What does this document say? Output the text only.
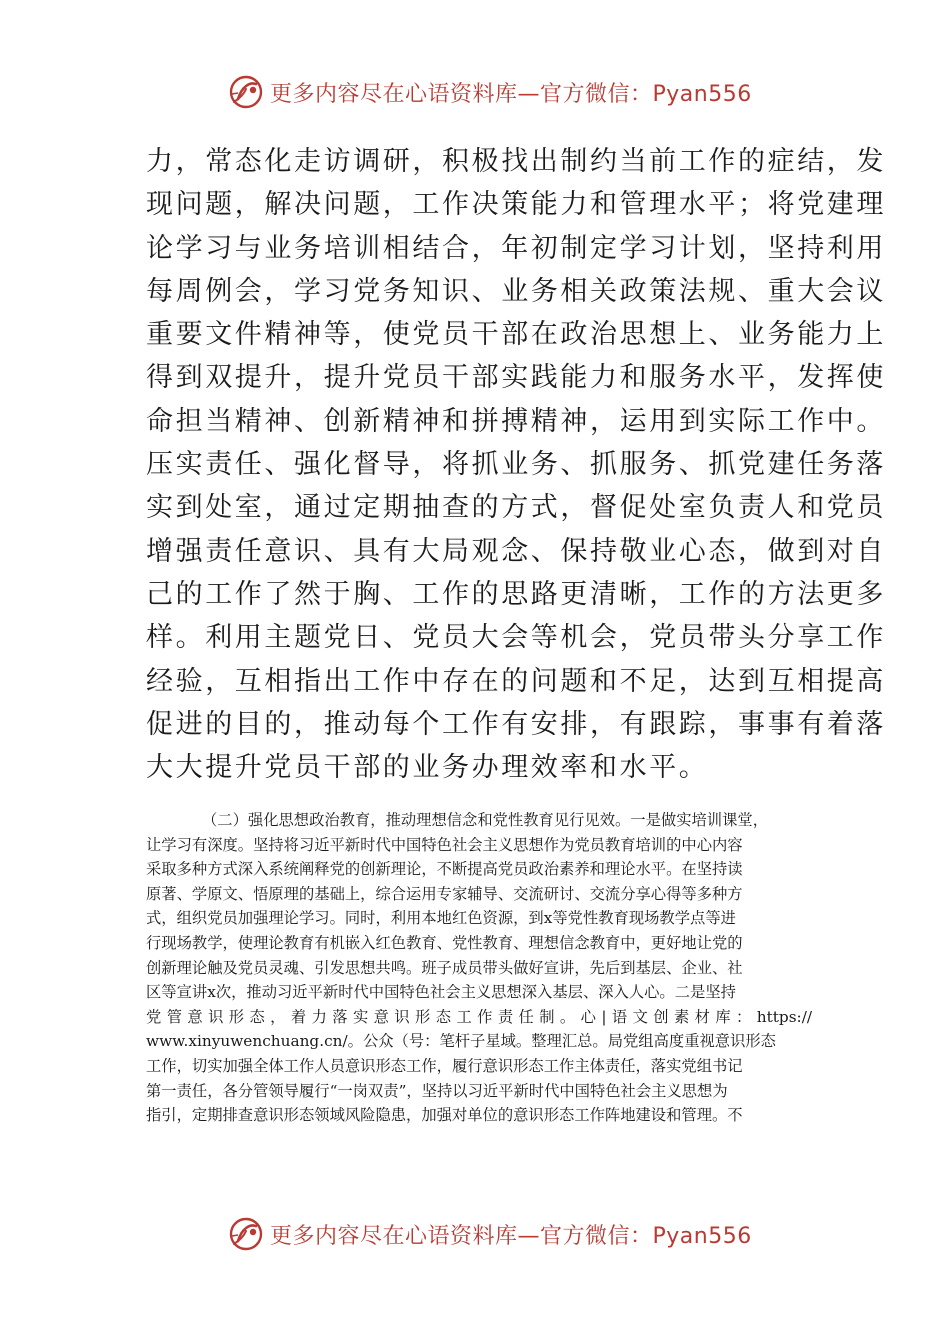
更多内容尽在心语资料库—官方微信：Pyan556

力，常态化走访调研，积极找出制约当前工作的症结，发

现问题，解决问题，工作决策能力和管理水平；将党建理

论学习与业务培训相结合，年初制定学习计划，坚持利用

每周例会，学习党务知识、业务相关政策法规、重大会议

重要文件精神等，使党员干部在政治思想上、业务能力上

得到双提升，提升党员干部实践能力和服务水平，发挥使

命担当精神、创新精神和拼搏精神，运用到实际工作中。

压实责任、强化督导，将抓业务、抓服务、抓党建任务落

实到处室，通过定期抽查的方式，督促处室负责人和党员

增强责任意识、具有大局观念、保持敬业心态，做到对自

己的工作了然于胸、工作的思路更清晰，工作的方法更多

样。利用主题党日、党员大会等机会，党员带头分享工作

经验，互相指出工作中存在的问题和不足，达到互相提高

促进的目的，推动每个工作有安排，有跟踪，事事有着落

大大提升党员干部的业务办理效率和水平。

（二）强化思想政治教育，推动理想信念和党性教育见行见效。一是做实培训课堂，

让学习有深度。坚持将习近平新时代中国特色社会主义思想作为党员教育培训的中心内容

采取多种方式深入系统阐释党的创新理论，不断提高党员政治素养和理论水平。在坚持读

原著、学原文、悟原理的基础上，综合运用专家辅导、交流研讨、交流分享心得等多种方

式，组织党员加强理论学习。同时，利用本地红色资源，到x等党性教育现场教学点等进

行现场教学，使理论教育有机嵌入红色教育、党性教育、理想信念教育中，更好地让党的

创新理论触及党员灵魂、引发思想共鸣。班子成员带头做好宣讲，先后到基层、企业、社

区等宣讲x次，推动习近平新时代中国特色社会主义思想深入基层、深入人心。二是坚持

党管意识形态，着力落实意识形态工作责任制。心|语文创素材库：https://

www.xinyuwenchuang.cn/。公众（号：笔杆子星域。整理汇总。局党组高度重视意识形态

工作，切实加强全体工作人员意识形态工作，履行意识形态工作主体责任，落实党组书记

第一责任，各分管领导履行“一岗双责”，坚持以习近平新时代中国特色社会主义思想为

指引，定期排查意识形态领域风险隐患，加强对单位的意识形态工作阵地建设和管理。不

更多内容尽在心语资料库—官方微信：Pyan556
